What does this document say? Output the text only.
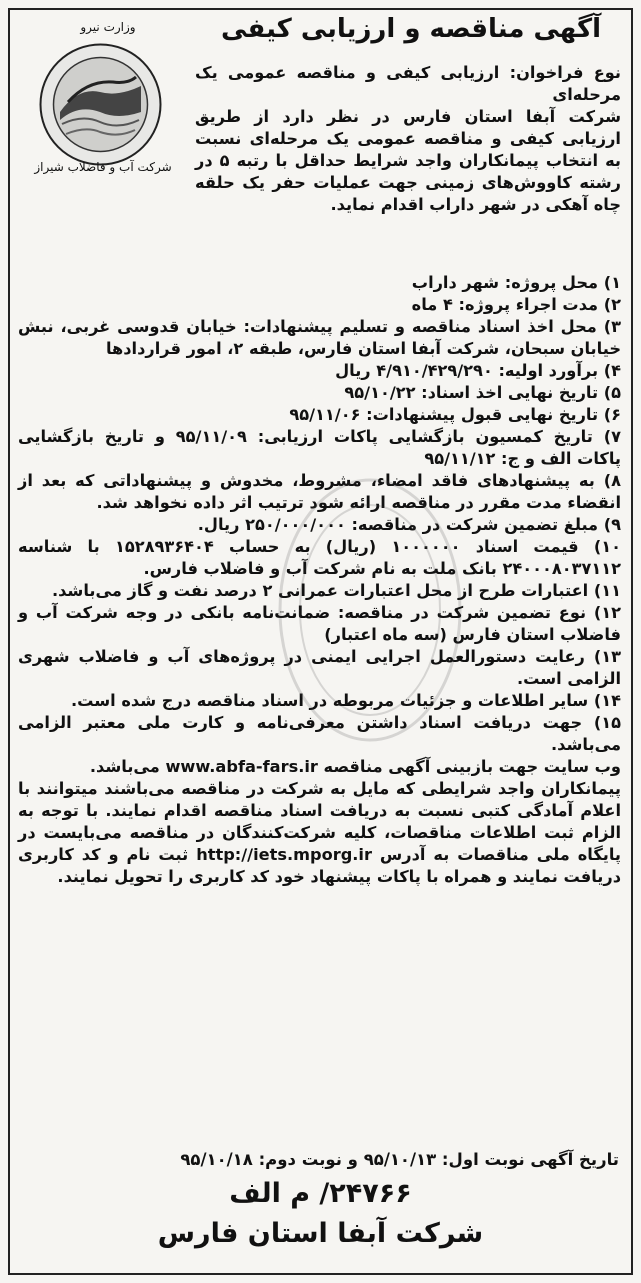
آگهی مناقصه و ارزیابی کیفی
وزارت نیرو
شرکت آب و فاضلاب شیراز

نوع فراخوان: ارزیابی کیفی و مناقصه عمومی یک مرحله‌ای

شرکت آبفا استان فارس در نظر دارد از طریق ارزیابی کیفی و مناقصه عمومی یک مرحله‌ای نسبت به انتخاب پیمانکاران واجد شرایط حداقل با رتبه ۵ در رشته کاووش‌های زمینی جهت عملیات حفر یک حلقه چاه آهکی در شهر داراب اقدام نماید.

۱) محل پروژه: شهر داراب

۲) مدت اجراء پروژه: ۴ ماه

۳) محل اخذ اسناد مناقصه و تسلیم پیشنهادات: خیابان قدوسی غربی، نبش خیابان سبحان، شرکت آبفا استان فارس، طبقه ۲، امور قراردادها

۴) برآورد اولیه: ۴/۹۱۰/۴۲۹/۲۹۰ ریال

۵) تاریخ نهایی اخذ اسناد: ۹۵/۱۰/۲۲

۶) تاریخ نهایی قبول پیشنهادات: ۹۵/۱۱/۰۶

۷) تاریخ کمسیون بازگشایی پاکات ارزیابی: ۹۵/۱۱/۰۹ و تاریخ بازگشایی پاکات الف و ج: ۹۵/۱۱/۱۲

۸) به پیشنهادهای فاقد امضاء، مشروط، مخدوش و پیشنهاداتی که بعد از انقضاء مدت مقرر در مناقصه ارائه شود ترتیب اثر داده نخواهد شد.

۹) مبلغ تضمین شرکت در مناقصه: ۲۵۰/۰۰۰/۰۰۰ ریال.

۱۰) قیمت اسناد ۱۰۰۰۰۰۰ (ریال) به حساب ۱۵۲۸۹۳۶۴۰۴ با شناسه ۲۴۰۰۰۸۰۳۷۱۱۲ بانک ملت به نام شرکت آب و فاضلاب فارس.

۱۱) اعتبارات طرح از محل اعتبارات عمرانی ۲ درصد نفت و گاز می‌باشد.

۱۲) نوع تضمین شرکت در مناقصه: ضمانت‌نامه بانکی در وجه شرکت آب و فاضلاب استان فارس (سه ماه اعتبار)

۱۳) رعایت دستورالعمل اجرایی ایمنی در پروژه‌های آب و فاضلاب شهری الزامی است.

۱۴) سایر اطلاعات و جزئیات مربوطه در اسناد مناقصه درج شده است.

۱۵) جهت دریافت اسناد داشتن معرفی‌نامه و کارت ملی معتبر الزامی می‌باشد.

وب سایت جهت بازبینی آگهی مناقصه www.abfa-fars.ir می‌باشد.

پیمانکاران واجد شرایطی که مایل به شرکت در مناقصه می‌باشند میتوانند با اعلام آمادگی کتبی نسبت به دریافت اسناد مناقصه اقدام نمایند. با توجه به الزام ثبت اطلاعات مناقصات، کلیه شرکت‌کنندگان در مناقصه می‌بایست در پایگاه ملی مناقصات به آدرس http://iets.mporg.ir ثبت نام و کد کاربری دریافت نمایند و همراه با پاکات پیشنهاد خود کد کاربری را تحویل نمایند.

تاریخ آگهی نوبت اول: ۹۵/۱۰/۱۳ و نوبت دوم: ۹۵/۱۰/۱۸
۲۴۷۶۶/ م الف
شرکت آبفا استان فارس
